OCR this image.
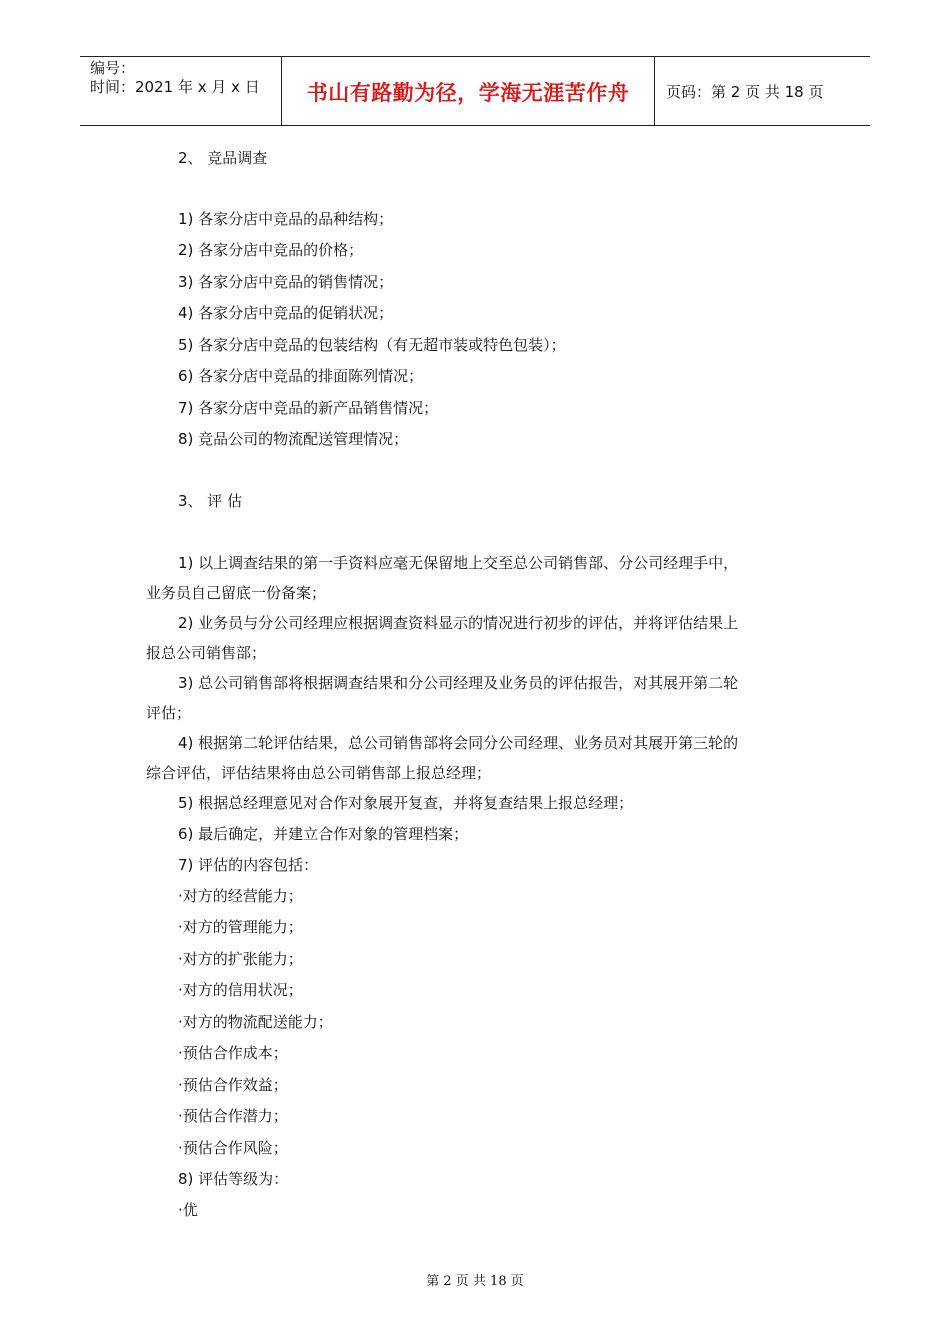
编号：
时间：2021 年 x 月 x 日	书山有路勤为径，学海无涯苦作舟	页码：第 2 页 共 18 页
2、 竞品调查
1) 各家分店中竞品的品种结构；
2) 各家分店中竞品的价格；
3) 各家分店中竞品的销售情况；
4) 各家分店中竞品的促销状况；
5) 各家分店中竞品的包装结构（有无超市装或特色包装）；
6) 各家分店中竞品的排面陈列情况；
7) 各家分店中竞品的新产品销售情况；
8) 竞品公司的物流配送管理情况；
3、 评 估
1) 以上调查结果的第一手资料应毫无保留地上交至总公司销售部、分公司经理手中，
业务员自己留底一份备案；
2) 业务员与分公司经理应根据调查资料显示的情况进行初步的评估，并将评估结果上
报总公司销售部；
3) 总公司销售部将根据调查结果和分公司经理及业务员的评估报告，对其展开第二轮
评估；
4) 根据第二轮评估结果，总公司销售部将会同分公司经理、业务员对其展开第三轮的
综合评估，评估结果将由总公司销售部上报总经理；
5) 根据总经理意见对合作对象展开复查，并将复查结果上报总经理；
6) 最后确定，并建立合作对象的管理档案；
7) 评估的内容包括：
·对方的经营能力；
·对方的管理能力；
·对方的扩张能力；
·对方的信用状况；
·对方的物流配送能力；
·预估合作成本；
·预估合作效益；
·预估合作潜力；
·预估合作风险；
8) 评估等级为：
·优
第 2 页 共 18 页
